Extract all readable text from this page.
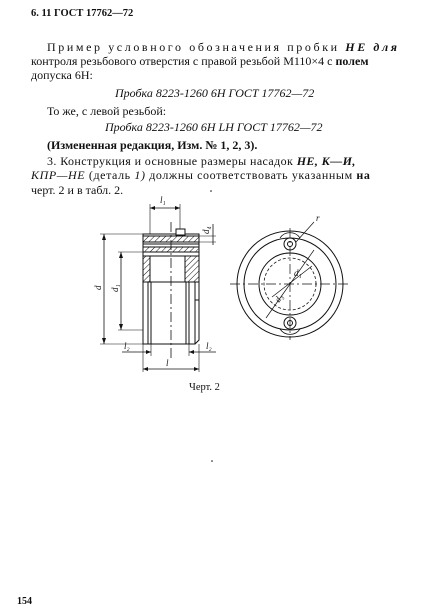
6. 11 ГОСТ 17762—72
Пример условного обозначения пробки НЕ для
контроля резьбового отверстия с правой резьбой М110×4 с полем
допуска 6Н:
Пробка 8223-1260 6Н ГОСТ 17762—72
То же, с левой резьбой:
Пробка 8223-1260 6Н LH ГОСТ 17762—72
(Измененная редакция, Изм. № 1, 2, 3).
3. Конструкция и основные размеры насадок НЕ, К—И,
КПР—НЕ (деталь 1) должны соответствовать указанным на
черт. 2 и в табл. 2.
l₁
d₄
d d₁
l₂
l
l₂
r
d₁
d₃
Черт. 2
154
